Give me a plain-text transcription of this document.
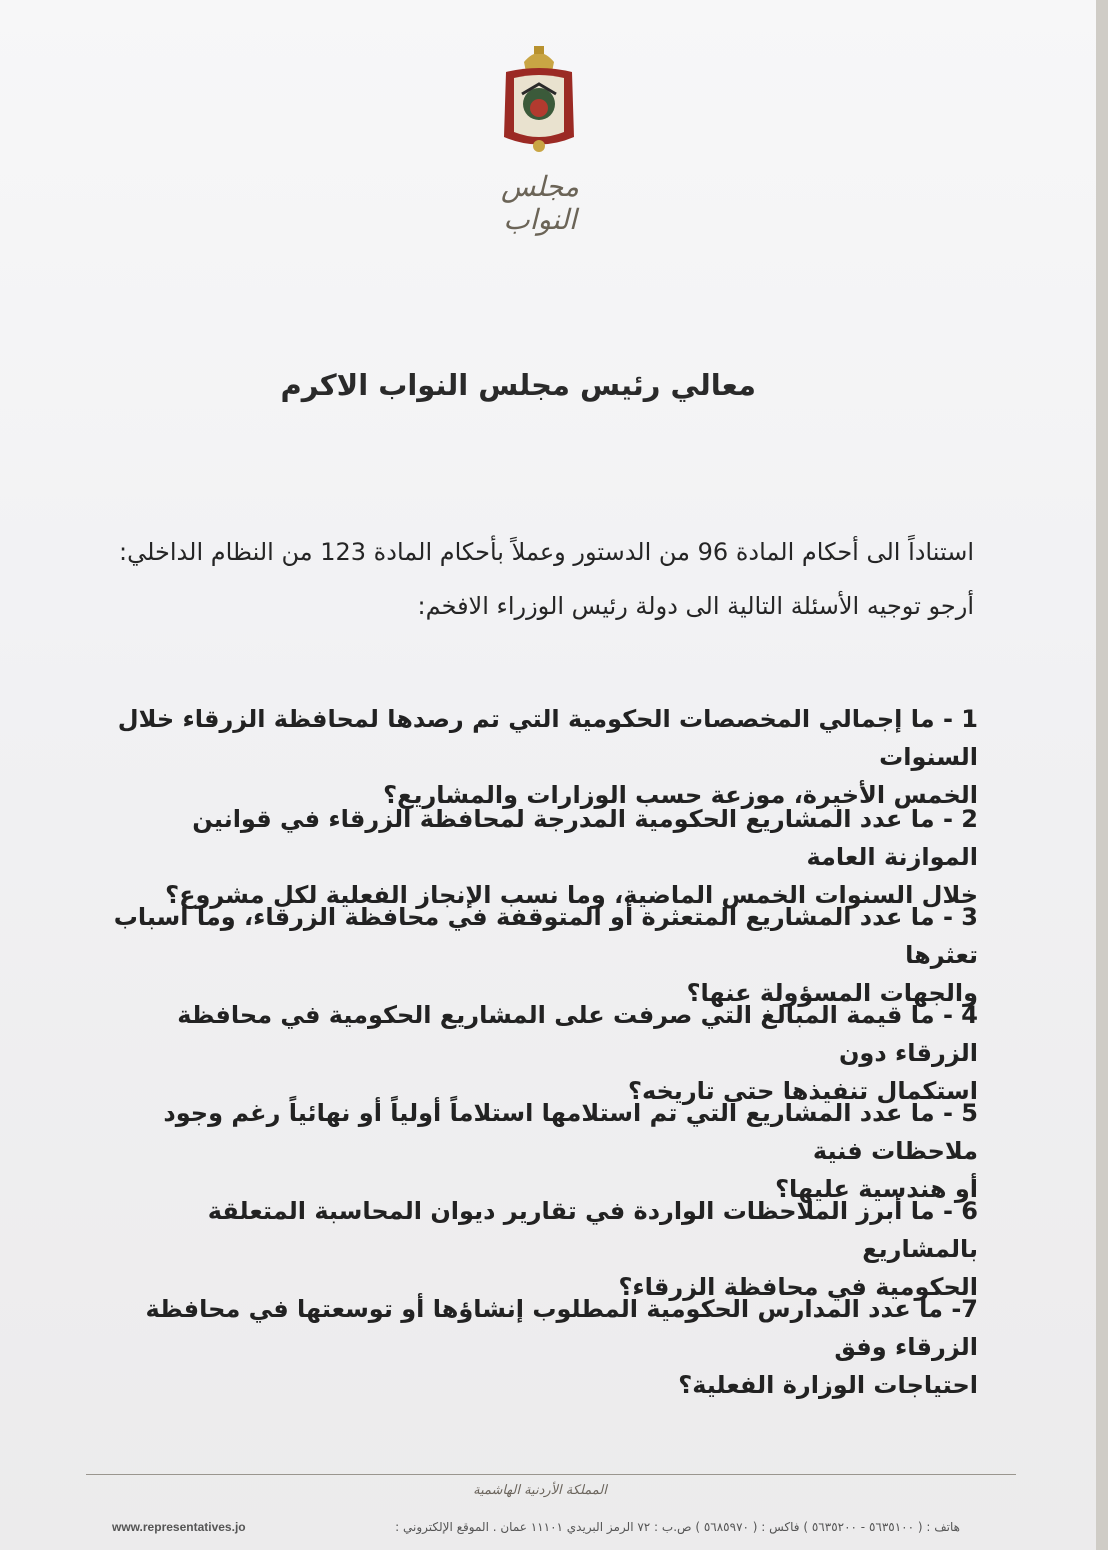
مجلس النواب
معالي رئيس مجلس النواب الاكرم
استناداً الى أحكام المادة 96 من الدستور وعملاً بأحكام المادة 123 من النظام الداخلي:
أرجو توجيه الأسئلة التالية الى دولة رئيس الوزراء الافخم:
1 - ما إجمالي المخصصات الحكومية التي تم رصدها لمحافظة الزرقاء خلال السنوات
الخمس الأخيرة، موزعة حسب الوزارات والمشاريع؟
2 - ما عدد المشاريع الحكومية المدرجة لمحافظة الزرقاء في قوانين الموازنة العامة
خلال السنوات الخمس الماضية، وما نسب الإنجاز الفعلية لكل مشروع؟
3 - ما عدد المشاريع المتعثرة أو المتوقفة في محافظة الزرقاء، وما أسباب تعثرها
والجهات المسؤولة عنها؟
4 - ما قيمة المبالغ التي صرفت على المشاريع الحكومية في محافظة الزرقاء دون
استكمال تنفيذها حتى تاريخه؟
5 - ما عدد المشاريع التي تم استلامها استلاماً أولياً أو نهائياً رغم وجود ملاحظات فنية
أو هندسية عليها؟
6 - ما أبرز الملاحظات الواردة في تقارير ديوان المحاسبة المتعلقة بالمشاريع
الحكومية في محافظة الزرقاء؟
7- ما عدد المدارس الحكومية المطلوب إنشاؤها أو توسعتها في محافظة الزرقاء وفق
احتياجات الوزارة الفعلية؟
المملكة الأردنية الهاشمية
هاتف : ( ٥٦٣٥١٠٠ - ٥٦٣٥٢٠٠ ) فاكس : ( ٥٦٨٥٩٧٠ ) ص.ب : ٧٢ الرمز البريدي ١١١٠١ عمان . الموقع الإلكتروني :
www.representatives.jo
